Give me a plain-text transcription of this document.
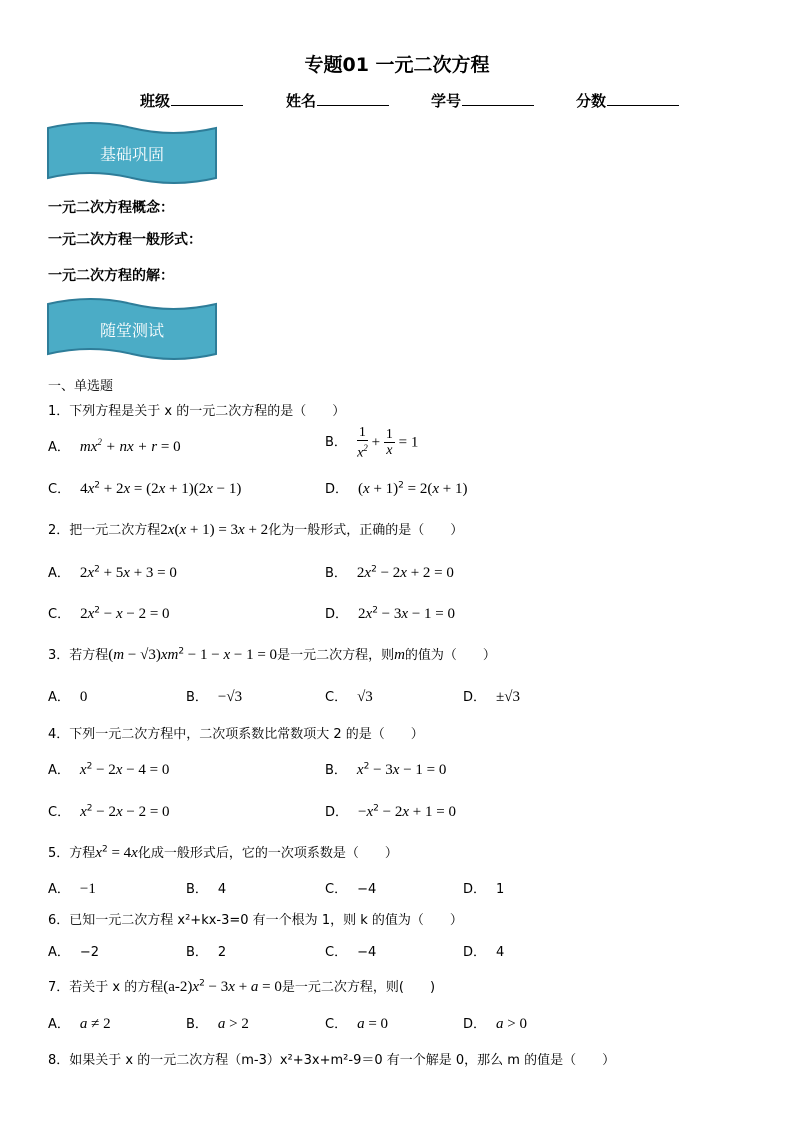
专题01 一元二次方程
班级	姓名	学号	分数
基础巩固
一元二次方程概念：
一元二次方程一般形式：
一元二次方程的解：
随堂测试
一、单选题
1．下列方程是关于 x 的一元二次方程的是（　　）
A． $mx^2$ + nx + r = 0	B． $\frac{1}{x^2} + \frac{1}{x} = 1$
C． $4x^2 + 2x = (2x + 1)(2x - 1)$	D． $(x + 1)^2 = 2(x + 1)$
2．把一元二次方程2x(x + 1) = 3x + 2化为一般形式，正确的是（　　）
A． $2x^2 + 5x + 3 = 0$	B． $2x^2 - 2x + 2 = 0$
C． $2x^2 - x - 2 = 0$	D． $2x^2 - 3x - 1 = 0$
3．若方程$(m - √3)xm^2 - 1 - x - 1 = 0$是一元二次方程，则m的值为（　　）
A． 0	B． −√3	C． √3	D． ±√3
4．下列一元二次方程中，二次项系数比常数项大 2 的是（　　）
A． $x^2 - 2x - 4 = 0$	B． $x^2 - 3x - 1 = 0$
C． $x^2 - 2x - 2 = 0$	D． $-x^2 - 2x + 1 = 0$
5．方程$x^2 = 4x$化成一般形式后，它的一次项系数是（　　）
A． −1	B． 4	C． −4	D． 1
6．已知一元二次方程 x²+kx-3=0 有一个根为 1，则 k 的值为（　　）
A． −2	B． 2	C． −4	D． 4
7．若关于 x 的方程$(a-2)x^2 - 3x + a = 0$是一元二次方程，则(　　)
A． a ≠ 2	B． a > 2	C． a = 0	D． a > 0
8．如果关于 x 的一元二次方程（m-3）x²+3x+m²-9＝0 有一个解是 0，那么 m 的值是（　　）
